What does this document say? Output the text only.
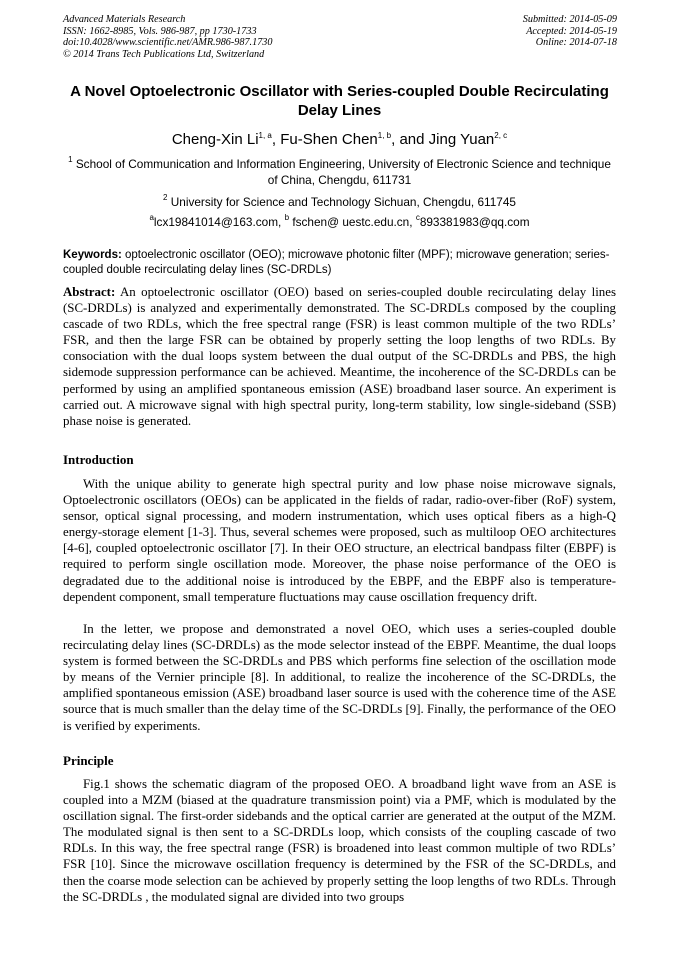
Advanced Materials Research
ISSN: 1662-8985, Vols. 986-987, pp 1730-1733
doi:10.4028/www.scientific.net/AMR.986-987.1730
© 2014 Trans Tech Publications Ltd, Switzerland
Submitted: 2014-05-09
Accepted: 2014-05-19
Online: 2014-07-18
A Novel Optoelectronic Oscillator with Series-coupled Double Recirculating Delay Lines
Cheng-Xin Li$^{1, a}$, Fu-Shen Chen$^{1, b}$, and Jing Yuan$^{2, c}$
$^1$ School of Communication and Information Engineering, University of Electronic Science and technique of China, Chengdu, 611731
$^2$ University for Science and Technology Sichuan, Chengdu, 611745
$^a$lcx19841014@163.com, $^b$ fschen@ uestc.edu.cn, $^c$893381983@qq.com
Keywords: optoelectronic oscillator (OEO); microwave photonic filter (MPF); microwave generation; series-coupled double recirculating delay lines (SC-DRDLs)
Abstract: An optoelectronic oscillator (OEO) based on series-coupled double recirculating delay lines (SC-DRDLs) is analyzed and experimentally demonstrated. The SC-DRDLs composed by the coupling cascade of two RDLs, which the free spectral range (FSR) is least common multiple of the two RDLs’ FSR, and then the large FSR can be obtained by properly setting the loop lengths of two RDLs. By consociation with the dual loops system between the dual output of the SC-DRDLs and PBS, the high sidemode suppression performance can be achieved. Meantime, the incoherence of the SC-DRDLs can be performed by using an amplified spontaneous emission (ASE) broadband laser source. An experiment is carried out. A microwave signal with high spectral purity, long-term stability, low single-sideband (SSB) phase noise is generated.
Introduction
With the unique ability to generate high spectral purity and low phase noise microwave signals, Optoelectronic oscillators (OEOs) can be applicated in the fields of radar, radio-over-fiber (RoF) system, sensor, optical signal processing, and modern instrumentation, which uses optical fibers as a high-Q energy-storage element [1-3]. Thus, several schemes were proposed, such as multiloop OEO architectures [4-6], coupled optoelectronic oscillator [7]. In their OEO structure, an electrical bandpass filter (EBPF) is required to perform single oscillation mode. Moreover, the phase noise performance of the OEO is degradated due to the additional noise is introduced by the EBPF, and the EBPF also is temperature-dependent component, small temperature fluctuations may cause oscillation frequency drift.
In the letter, we propose and demonstrated a novel OEO, which uses a series-coupled double recirculating delay lines (SC-DRDLs) as the mode selector instead of the EBPF. Meantime, the dual loops system is formed between the SC-DRDLs and PBS which performs fine selection of the oscillation mode by means of the Vernier principle [8]. In additional, to realize the incoherence of the SC-DRDLs, the amplified spontaneous emission (ASE) broadband laser source is used with the coherence time of the ASE source that is much smaller than the delay time of the SC-DRDLs [9]. Finally, the performance of the OEO is verified by experiments.
Principle
Fig.1 shows the schematic diagram of the proposed OEO. A broadband light wave from an ASE is coupled into a MZM (biased at the quadrature transmission point) via a PMF, which is modulated by the oscillation signal. The first-order sidebands and the optical carrier are generated at the output of the MZM. The modulated signal is then sent to a SC-DRDLs loop, which consists of the coupling cascade of two RDLs. In this way, the free spectral range (FSR) is broadened into least common multiple of two RDLs’ FSR [10]. Since the microwave oscillation frequency is determined by the FSR of the SC-DRDLs, and then the coarse mode selection can be achieved by properly setting the loop lengths of two RDLs. Through the SC-DRDLs , the modulated signal are divided into two groups
